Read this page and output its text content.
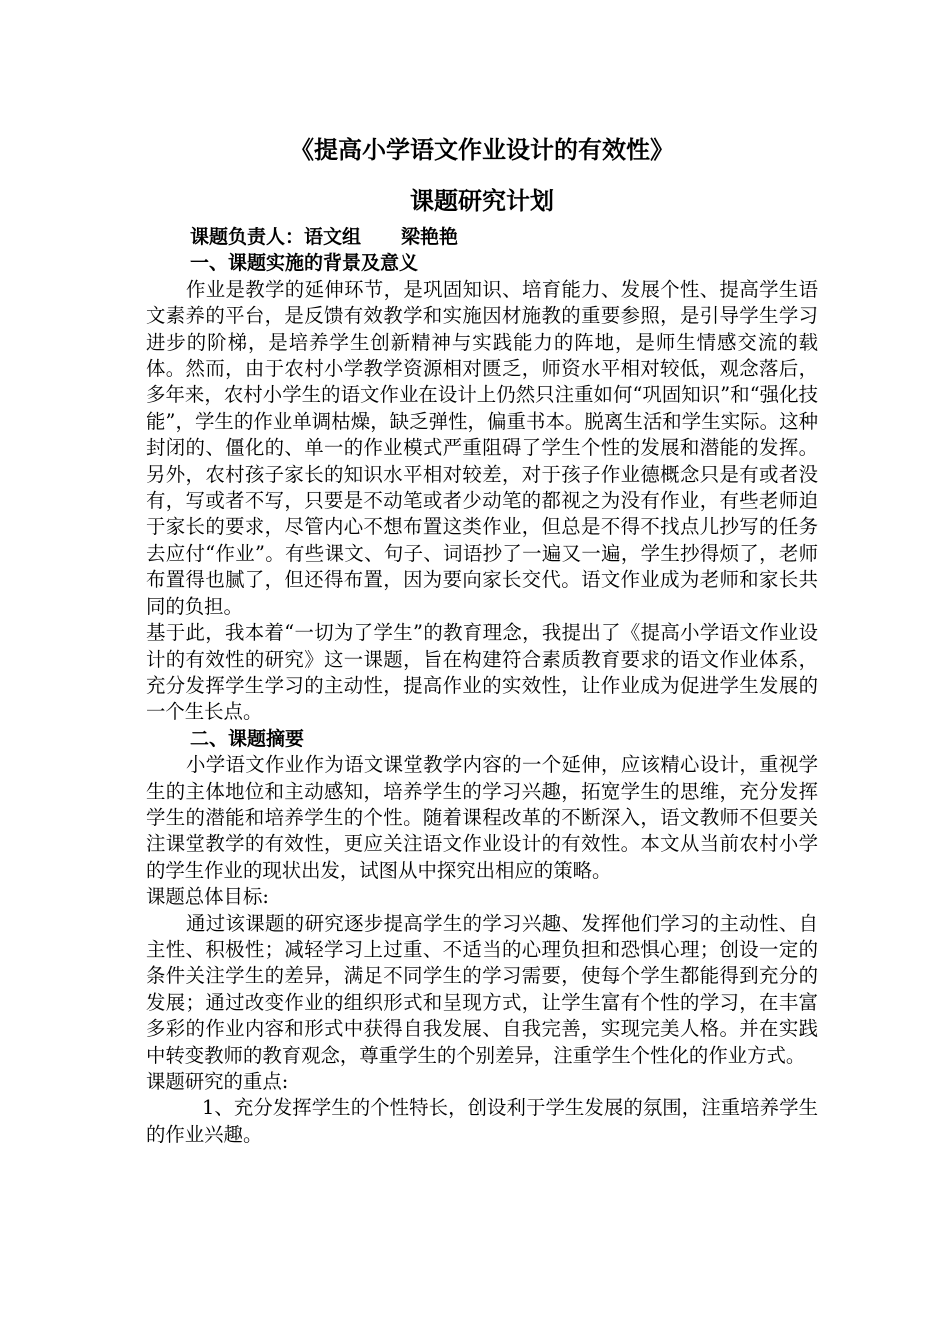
《提高小学语文作业设计的有效性》
课题研究计划

课题负责人：语文组 梁艳艳

一、课题实施的背景及意义

作业是教学的延伸环节，是巩固知识、培育能力、发展个性、提高学生语文素养的平台，是反馈有效教学和实施因材施教的重要参照，是引导学生学习进步的阶梯，是培养学生创新精神与实践能力的阵地，是师生情感交流的载体。然而，由于农村小学教学资源相对匮乏，师资水平相对较低，观念落后，多年来，农村小学生的语文作业在设计上仍然只注重如何“巩固知识”和“强化技能”，学生的作业单调枯燥，缺乏弹性，偏重书本。脱离生活和学生实际。这种封闭的、僵化的、单一的作业模式严重阻碍了学生个性的发展和潜能的发挥。另外，农村孩子家长的知识水平相对较差，对于孩子作业德概念只是有或者没有，写或者不写，只要是不动笔或者少动笔的都视之为没有作业，有些老师迫于家长的要求，尽管内心不想布置这类作业，但总是不得不找点儿抄写的任务去应付“作业”。有些课文、句子、词语抄了一遍又一遍，学生抄得烦了，老师布置得也腻了，但还得布置，因为要向家长交代。语文作业成为老师和家长共同的负担。

基于此，我本着“一切为了学生”的教育理念，我提出了《提高小学语文作业设计的有效性的研究》这一课题，旨在构建符合素质教育要求的语文作业体系，充分发挥学生学习的主动性，提高作业的实效性，让作业成为促进学生发展的一个生长点。

二、课题摘要

小学语文作业作为语文课堂教学内容的一个延伸，应该精心设计，重视学生的主体地位和主动感知，培养学生的学习兴趣，拓宽学生的思维，充分发挥学生的潜能和培养学生的个性。随着课程改革的不断深入，语文教师不但要关注课堂教学的有效性，更应关注语文作业设计的有效性。本文从当前农村小学的学生作业的现状出发，试图从中探究出相应的策略。

课题总体目标:

通过该课题的研究逐步提高学生的学习兴趣、发挥他们学习的主动性、自主性、积极性；减轻学习上过重、不适当的心理负担和恐惧心理；创设一定的条件关注学生的差异，满足不同学生的学习需要，使每个学生都能得到充分的发展；通过改变作业的组织形式和呈现方式，让学生富有个性的学习，在丰富多彩的作业内容和形式中获得自我发展、自我完善，实现完美人格。并在实践中转变教师的教育观念，尊重学生的个别差异，注重学生个性化的作业方式。

课题研究的重点:

1、充分发挥学生的个性特长，创设利于学生发展的氛围，注重培养学生的作业兴趣。
